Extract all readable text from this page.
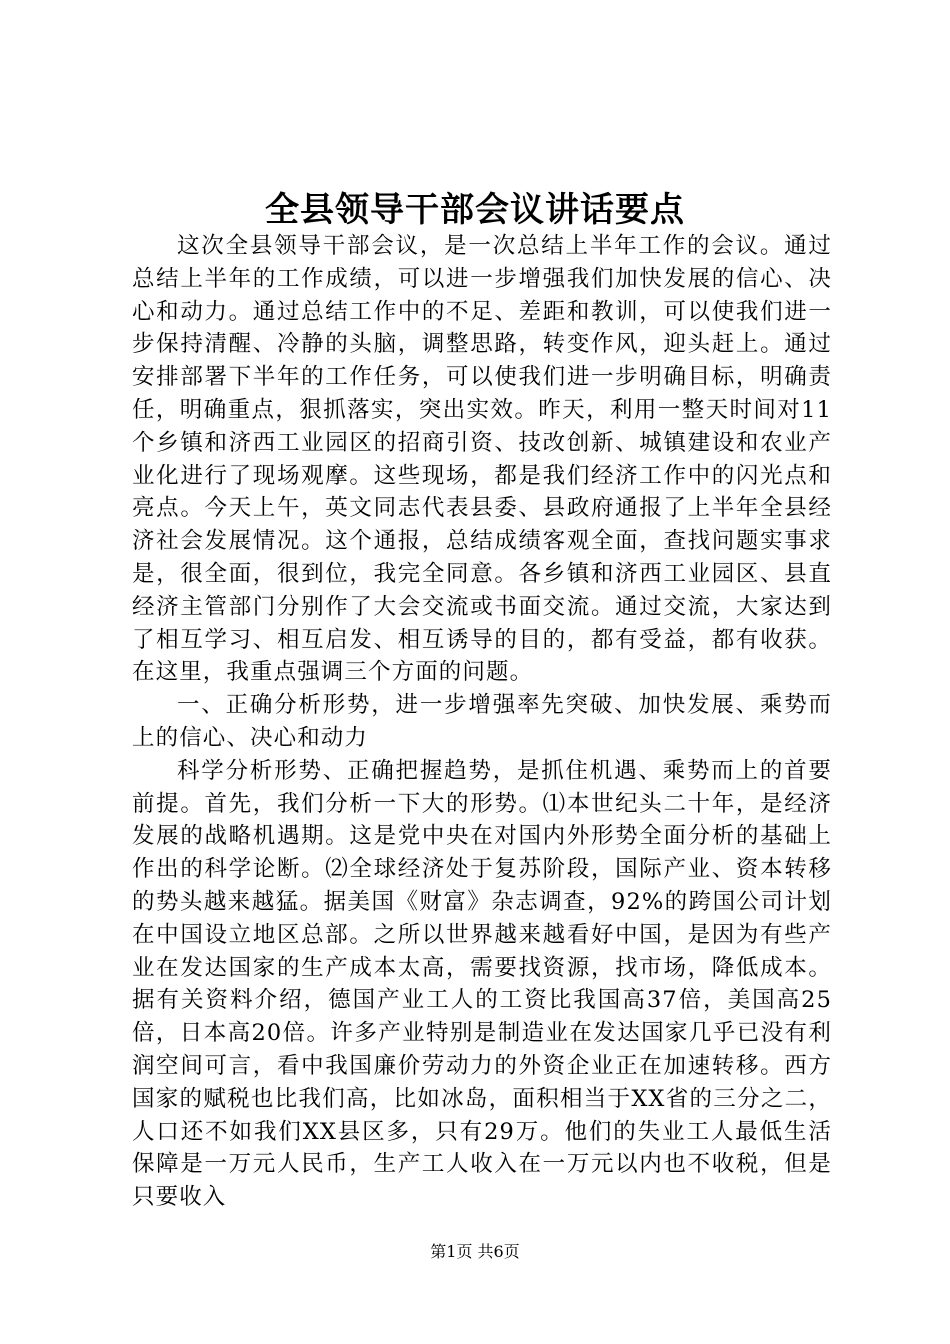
全县领导干部会议讲话要点

这次全县领导干部会议，是一次总结上半年工作的会议。通过总结上半年的工作成绩，可以进一步增强我们加快发展的信心、决心和动力。通过总结工作中的不足、差距和教训，可以使我们进一步保持清醒、冷静的头脑，调整思路，转变作风，迎头赶上。通过安排部署下半年的工作任务，可以使我们进一步明确目标，明确责任，明确重点，狠抓落实，突出实效。昨天，利用一整天时间对11个乡镇和济西工业园区的招商引资、技改创新、城镇建设和农业产业化进行了现场观摩。这些现场，都是我们经济工作中的闪光点和亮点。今天上午，英文同志代表县委、县政府通报了上半年全县经济社会发展情况。这个通报，总结成绩客观全面，查找问题实事求是，很全面，很到位，我完全同意。各乡镇和济西工业园区、县直经济主管部门分别作了大会交流或书面交流。通过交流，大家达到了相互学习、相互启发、相互诱导的目的，都有受益，都有收获。在这里，我重点强调三个方面的问题。

一、正确分析形势，进一步增强率先突破、加快发展、乘势而上的信心、决心和动力

科学分析形势、正确把握趋势，是抓住机遇、乘势而上的首要前提。首先，我们分析一下大的形势。⑴本世纪头二十年，是经济发展的战略机遇期。这是党中央在对国内外形势全面分析的基础上作出的科学论断。⑵全球经济处于复苏阶段，国际产业、资本转移的势头越来越猛。据美国《财富》杂志调查，92%的跨国公司计划在中国设立地区总部。之所以世界越来越看好中国，是因为有些产业在发达国家的生产成本太高，需要找资源，找市场，降低成本。据有关资料介绍，德国产业工人的工资比我国高37倍，美国高25倍，日本高20倍。许多产业特别是制造业在发达国家几乎已没有利润空间可言，看中我国廉价劳动力的外资企业正在加速转移。西方国家的赋税也比我们高，比如冰岛，面积相当于XX省的三分之二，人口还不如我们XX县区多，只有29万。他们的失业工人最低生活保障是一万元人民币，生产工人收入在一万元以内也不收税，但是只要收入

第1页 共6页
